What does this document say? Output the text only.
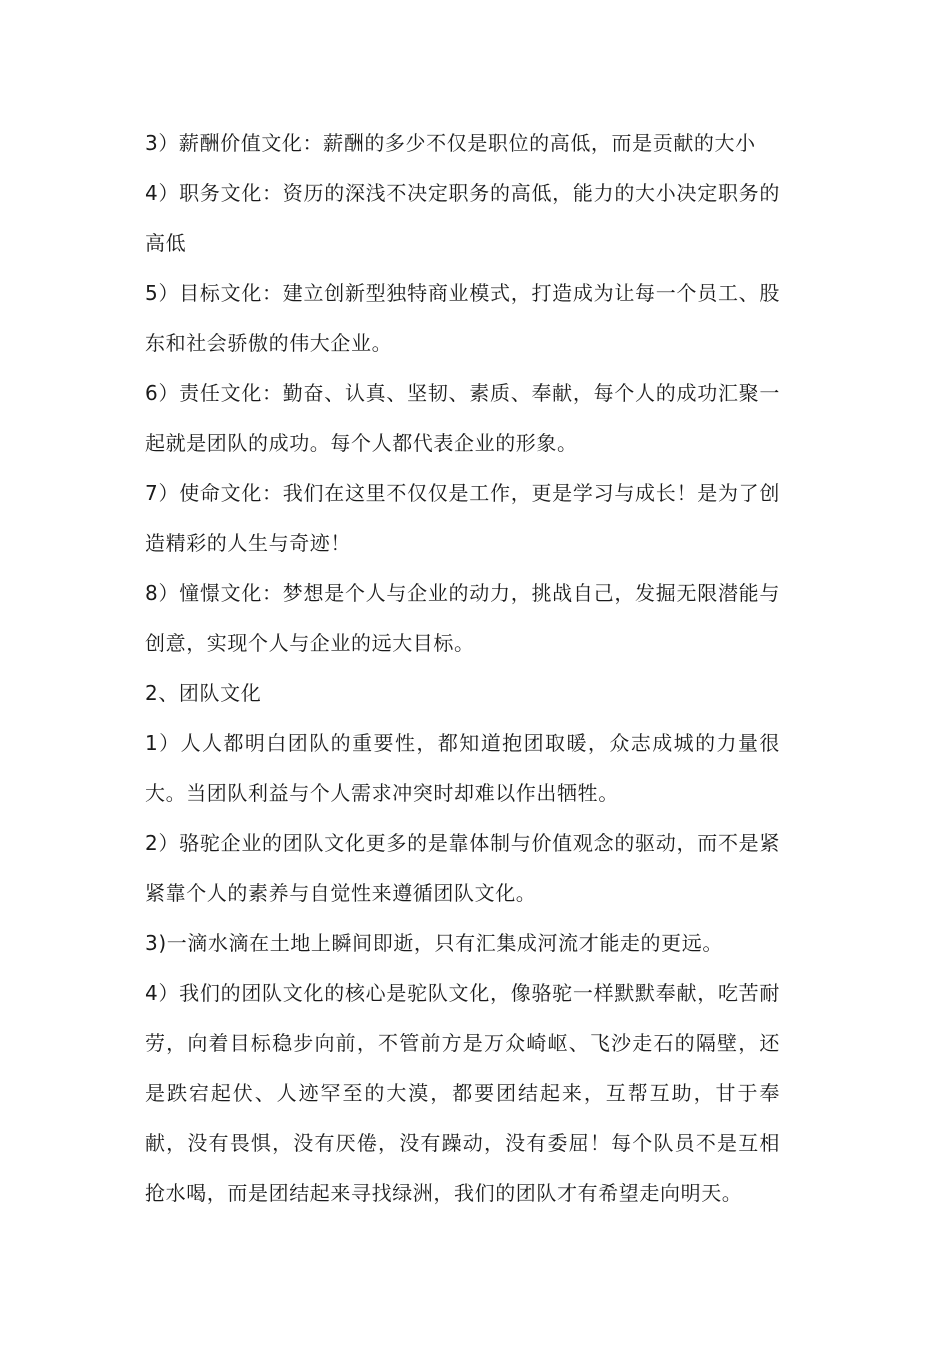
3）薪酬价值文化：薪酬的多少不仅是职位的高低，而是贡献的大小

4）职务文化：资历的深浅不决定职务的高低，能力的大小决定职务的高低

5）目标文化：建立创新型独特商业模式，打造成为让每一个员工、股东和社会骄傲的伟大企业。

6）责任文化：勤奋、认真、坚韧、素质、奉献，每个人的成功汇聚一起就是团队的成功。每个人都代表企业的形象。

7）使命文化：我们在这里不仅仅是工作，更是学习与成长！是为了创造精彩的人生与奇迹！

8）憧憬文化：梦想是个人与企业的动力，挑战自己，发掘无限潜能与创意，实现个人与企业的远大目标。

2、团队文化

1）人人都明白团队的重要性，都知道抱团取暖，众志成城的力量很大。当团队利益与个人需求冲突时却难以作出牺牲。

2）骆驼企业的团队文化更多的是靠体制与价值观念的驱动，而不是紧紧靠个人的素养与自觉性来遵循团队文化。

3)一滴水滴在土地上瞬间即逝，只有汇集成河流才能走的更远。

4）我们的团队文化的核心是驼队文化，像骆驼一样默默奉献，吃苦耐劳，向着目标稳步向前，不管前方是万众崎岖、飞沙走石的隔壁，还是跌宕起伏、人迹罕至的大漠，都要团结起来，互帮互助，甘于奉献，没有畏惧，没有厌倦，没有躁动，没有委屈！每个队员不是互相抢水喝，而是团结起来寻找绿洲，我们的团队才有希望走向明天。
